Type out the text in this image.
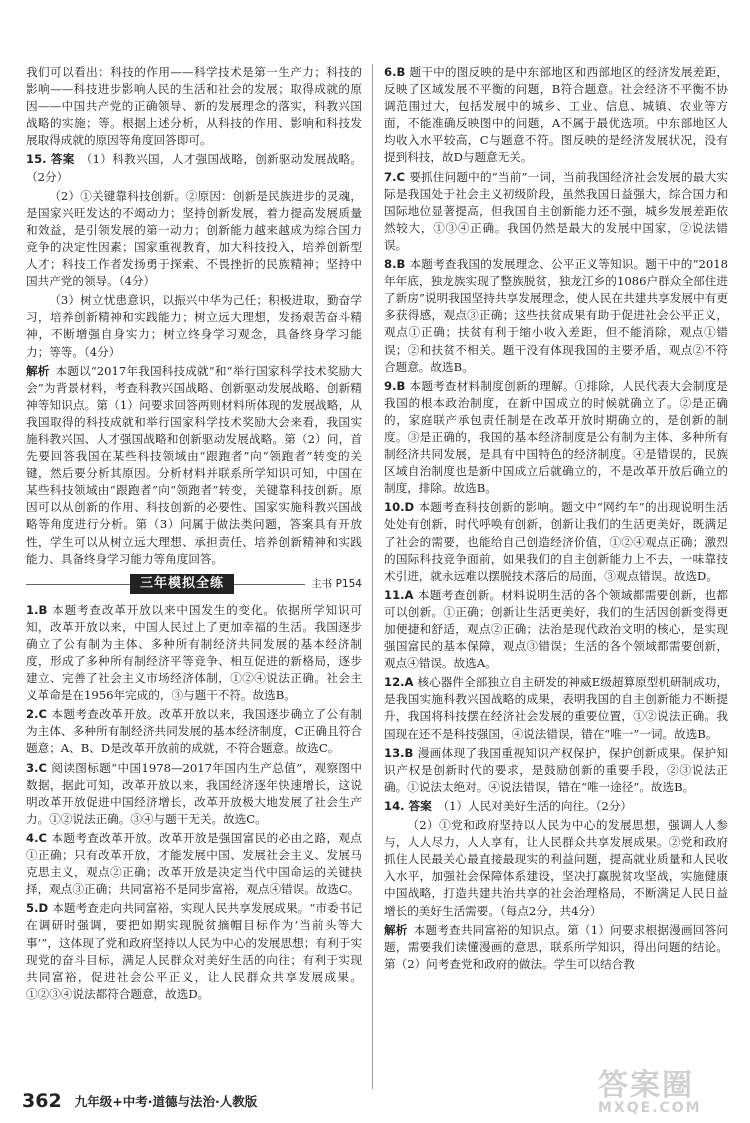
我们可以看出：科技的作用——科学技术是第一生产力；科技的影响——科技进步影响人民的生活和社会的发展；取得成就的原因——中国共产党的正确领导、新的发展理念的落实，科教兴国战略的实施；等。根据上述分析，从科技的作用、影响和科技发展取得成就的原因等角度回答即可。
15. 答案  （1）科教兴国，人才强国战略，创新驱动发展战略。（2分）
（2）①关键靠科技创新。②原因：创新是民族进步的灵魂，是国家兴旺发达的不竭动力；坚持创新发展，着力提高发展质量和效益，是引领发展的第一动力；创新能力越来越成为综合国力竞争的决定性因素；国家重视教育，加大科技投入，培养创新型人才；科技工作者发扬勇于探索、不畏挫折的民族精神；坚持中国共产党的领导。（4分）
（3）树立忧患意识，以振兴中华为己任；积极进取，勤奋学习，培养创新精神和实践能力；树立远大理想，发扬艰苦奋斗精神，不断增强自身实力；树立终身学习观念，具备终身学习能力；等等。（4分）
解析  本题以“2017年我国科技成就”和“举行国家科学技术奖励大会”为背景材料，考查科教兴国战略、创新驱动发展战略、创新精神等知识点。第（1）问要求回答两则材料所体现的发展战略，从我国取得的科技成就和举行国家科学技术奖励大会来看，我国实施科教兴国、人才强国战略和创新驱动发展战略。第（2）问，首先要回答我国在某些科技领域由“跟跑者”向“领跑者”转变的关键，然后要分析其原因。分析材料并联系所学知识可知，中国在某些科技领域由“跟跑者”向“领跑者”转变，关键靠科技创新。原因可以从创新的作用、科技创新的必要性、国家实施科教兴国战略等角度进行分析。第（3）问属于做法类问题，答案具有开放性，学生可以从树立远大理想、承担责任、培养创新精神和实践能力、具备终身学习能力等角度回答。
三年模拟全练	主书 P154
1.B 本题考查改革开放以来中国发生的变化。依据所学知识可知，改革开放以来，中国人民过上了更加幸福的生活。我国逐步确立了公有制为主体、多种所有制经济共同发展的基本经济制度，形成了多种所有制经济平等竞争、相互促进的新格局，逐步建立、完善了社会主义市场经济体制，①②④说法正确。社会主义革命是在1956年完成的，③与题干不符。故选B。
2.C 本题考查改革开放。改革开放以来，我国逐步确立了公有制为主体、多种所有制经济共同发展的基本经济制度，C正确且符合题意；A、B、D是改革开放前的成就，不符合题意。故选C。
3.C 阅读图标题“中国1978—2017年国内生产总值”，观察图中数据，据此可知，改革开放以来，我国经济逐年快速增长，这说明改革开放促进中国经济增长，改革开放极大地发展了社会生产力。①②说法正确。③④与题干无关。故选C。
4.C 本题考查改革开放。改革开放是强国富民的必由之路，观点①正确；只有改革开放，才能发展中国、发展社会主义、发展马克思主义，观点②正确；改革开放是决定当代中国命运的关键抉择，观点③正确；共同富裕不是同步富裕，观点④错误。故选C。
5.D 本题考查走向共同富裕，实现人民共享发展成果。“市委书记在调研时强调，要把如期实现脱贫摘帽目标作为‘当前头等大事’”，这体现了党和政府坚持以人民为中心的发展思想；有利于实现党的奋斗目标，满足人民群众对美好生活的向往；有利于实现共同富裕，促进社会公平正义，让人民群众共享发展成果。①②③④说法都符合题意，故选D。
6.B 题干中的图反映的是中东部地区和西部地区的经济发展差距，反映了区域发展不平衡的问题，B符合题意。社会经济不平衡不协调范围过大，包括发展中的城乡、工业、信息、城镇、农业等方面，不能准确反映图中的问题，A不属于最优选项。中东部地区人均收入水平较高，C与题意不符。图反映的是经济发展状况，没有提到科技，故D与题意无关。
7.C 要抓住问题中的“当前”一词，当前我国经济社会发展的最大实际是我国处于社会主义初级阶段，虽然我国日益强大，综合国力和国际地位显著提高，但我国自主创新能力还不强，城乡发展差距依然较大，①③④正确。我国仍然是最大的发展中国家，②说法错误。
8.B 本题考查我国的发展理念、公平正义等知识。题干中的“2018年年底，独龙族实现了整族脱贫，独龙江乡的1086户群众全部住进了新房”说明我国坚持共享发展理念，使人民在共建共享发展中有更多获得感，观点③正确；这些扶贫成果有助于促进社会公平正义，观点①正确；扶贫有利于缩小收入差距，但不能消除，观点①错误；②和扶贫不相关。题干没有体现我国的主要矛盾，观点②不符合题意。故选B。
9.B 本题考查材料制度创新的理解。①排除，人民代表大会制度是我国的根本政治制度，在新中国成立的时候就确立了。②是正确的，家庭联产承包责任制是在改革开放时期确立的，是创新的制度。③是正确的，我国的基本经济制度是公有制为主体、多种所有制经济共同发展，是具有中国特色的经济制度。④是错误的，民族区域自治制度也是新中国成立后就确立的，不是改革开放后确立的制度，排除。故选B。
10.D 本题考查科技创新的影响。题文中“网约车”的出现说明生活处处有创新，时代呼唤有创新，创新让我们的生活更美好，既满足了社会的需要，也能给自己创造经济价值，①②④观点正确；激烈的国际科技竞争面前，如果我们的自主创新能力上不去，一味靠技术引进，就永远难以摆脱技术落后的局面，③观点错误。故选D。
11.A 本题考查创新。材料说明生活的各个领域都需要创新，也都可以创新。①正确；创新让生活更美好，我们的生活因创新变得更加便捷和舒适，观点②正确；法治是现代政治文明的核心，是实现强国富民的基本保障，观点③错误；生活的各个领域都需要创新，观点④错误。故选A。
12.A 核心器件全部独立自主研发的神威E级超算原型机研制成功，是我国实施科教兴国战略的成果，表明我国的自主创新能力不断提升，我国将科技摆在经济社会发展的重要位置，①②说法正确。我国现在还不是科技强国，④说法错误，错在“唯一”一词。故选B。
13.B 漫画体现了我国重视知识产权保护，保护创新成果。保护知识产权是创新时代的要求，是鼓励创新的重要手段，②③说法正确。①说法太绝对。④说法错误，错在“唯一途径”。故选B。
14. 答案  （1）人民对美好生活的向往。（2分）
（2）①党和政府坚持以人民为中心的发展思想，强调人人参与，人人尽力，人人享有，让人民群众共享发展成果。②党和政府抓住人民最关心最直接最现实的利益问题，提高就业质量和人民收入水平，加强社会保障体系建设，坚决打赢脱贫攻坚战，实施健康中国战略，打造共建共治共享的社会治理格局，不断满足人民日益增长的美好生活需要。（每点2分，共4分）
解析  本题考查共同富裕的知识点。第（1）问要求根据漫画回答问题，需要我们读懂漫画的意思，联系所学知识，得出问题的结论。第（2）问考查党和政府的做法。学生可以结合教
362 九年级+中考·道德与法治·人教版	答案圈
MXQE.COM
